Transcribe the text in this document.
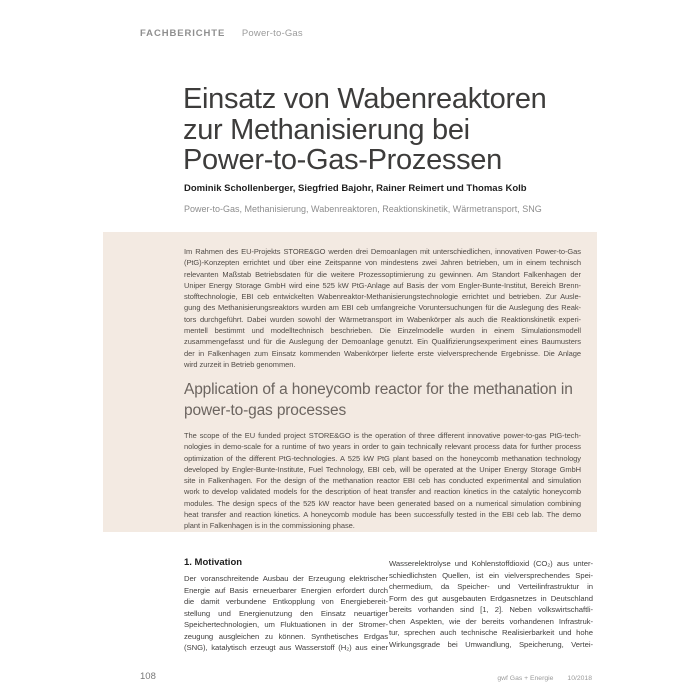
FACHBERICHTE Power-to-Gas
Einsatz von Wabenreaktoren
zur Methanisierung bei
Power-to-Gas-Prozessen
Dominik Schollenberger, Siegfried Bajohr, Rainer Reimert und Thomas Kolb
Power-to-Gas, Methanisierung, Wabenreaktoren, Reaktionskinetik, Wärmetransport, SNG
Im Rahmen des EU-Projekts STORE&GO werden drei Demoanlagen mit unterschiedlichen, innovativen Power-to-Gas
(PtG)-Konzepten errichtet und über eine Zeitspanne von mindestens zwei Jahren betrieben, um in einem technisch
relevanten Maßstab Betriebsdaten für die weitere Prozessoptimierung zu gewinnen. Am Standort Falkenhagen der
Uniper Energy Storage GmbH wird eine 525 kW PtG-Anlage auf Basis der vom Engler-Bunte-Institut, Bereich Brenn-
stofftechnologie, EBI ceb entwickelten Wabenreaktor-Methanisierungstechnologie errichtet und betrieben. Zur Ausle-
gung des Methanisierungsreaktors wurden am EBI ceb umfangreiche Voruntersuchungen für die Auslegung des Reak-
tors durchgeführt. Dabei wurden sowohl der Wärmetransport im Wabenkörper als auch die Reaktionskinetik experi-
mentell bestimmt und modelltechnisch beschrieben. Die Einzelmodelle wurden in einem Simulationsmodell
zusammengefasst und für die Auslegung der Demoanlage genutzt. Ein Qualifizierungsexperiment eines Baumusters
der in Falkenhagen zum Einsatz kommenden Wabenkörper lieferte erste vielversprechende Ergebnisse. Die Anlage
wird zurzeit in Betrieb genommen.
Application of a honeycomb reactor for the methanation in
power-to-gas processes
The scope of the EU funded project STORE&GO is the operation of three different innovative power-to-gas PtG-tech-
nologies in demo-scale for a runtime of two years in order to gain technically relevant process data for further process
optimization of the different PtG-technologies. A 525 kW PtG plant based on the honeycomb methanation technology
developed by Engler-Bunte-Institute, Fuel Technology, EBI ceb, will be operated at the Uniper Energy Storage GmbH
site in Falkenhagen. For the design of the methanation reactor EBI ceb has conducted experimental and simulation
work to develop validated models for the description of heat transfer and reaction kinetics in the catalytic honeycomb
modules. The design specs of the 525 kW reactor have been generated based on a numerical simulation combining
heat transfer and reaction kinetics. A honeycomb module has been successfully tested in the EBI ceb lab. The demo
plant in Falkenhagen is in the commissioning phase.
1. Motivation
Der voranschreitende Ausbau der Erzeugung elektrischer
Energie auf Basis erneuerbarer Energien erfordert durch
die damit verbundene Entkopplung von Energiebereit-
stellung und Energienutzung den Einsatz neuartiger
Speichertechnologien, um Fluktuationen in der Stromer-
zeugung ausgleichen zu können. Synthetisches Erdgas
(SNG), katalytisch erzeugt aus Wasserstoff (H₂) aus einer
Wasserelektrolyse und Kohlenstoffdioxid (CO₂) aus unter-
schiedlichsten Quellen, ist ein vielversprechendes Spei-
chermedium, da Speicher- und Verteilinfrastruktur in
Form des gut ausgebauten Erdgasnetzes in Deutschland
bereits vorhanden sind [1, 2]. Neben volkswirtschaftli-
chen Aspekten, wie der bereits vorhandenen Infrastruk-
tur, sprechen auch technische Realisierbarkeit und hohe
Wirkungsgrade bei Umwandlung, Speicherung, Vertei-
108	gwf Gas + Energie 10/2018
